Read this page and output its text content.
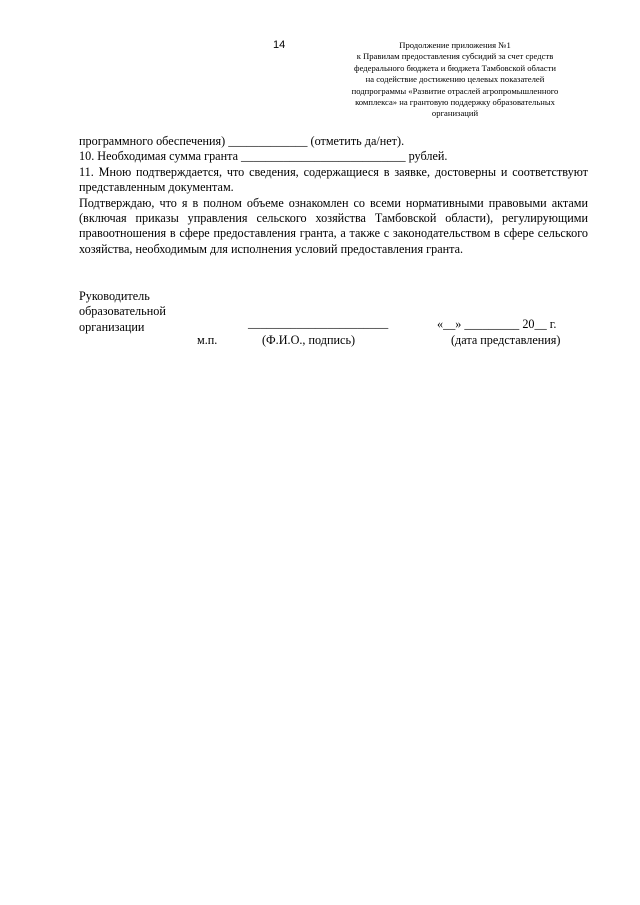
14	Продолжение приложения №1
к Правилам предоставления субсидий за счет средств
федерального бюджета и бюджета Тамбовской области
на содействие достижению целевых показателей
подпрограммы «Развитие отраслей агропромышленного
комплекса» на грантовую поддержку образовательных
организаций

программного обеспечения) _____________ (отметить да/нет).

10. Необходимая сумма гранта ___________________________ рублей.

11. Мною подтверждается, что сведения, содержащиеся в заявке, достоверны и соответствуют представленным документам.

Подтверждаю, что я в полном объеме ознакомлен со всеми нормативными правовыми актами (включая приказы управления сельского хозяйства Тамбовской области), регулирующими правоотношения в сфере предоставления гранта, а также с законодательством в сфере сельского хозяйства, необходимым для исполнения условий предоставления гранта.

Руководитель
образовательной
организации	_______________________	«__» _________ 20__ г.
м.п.	(Ф.И.О., подпись)	(дата представления)
